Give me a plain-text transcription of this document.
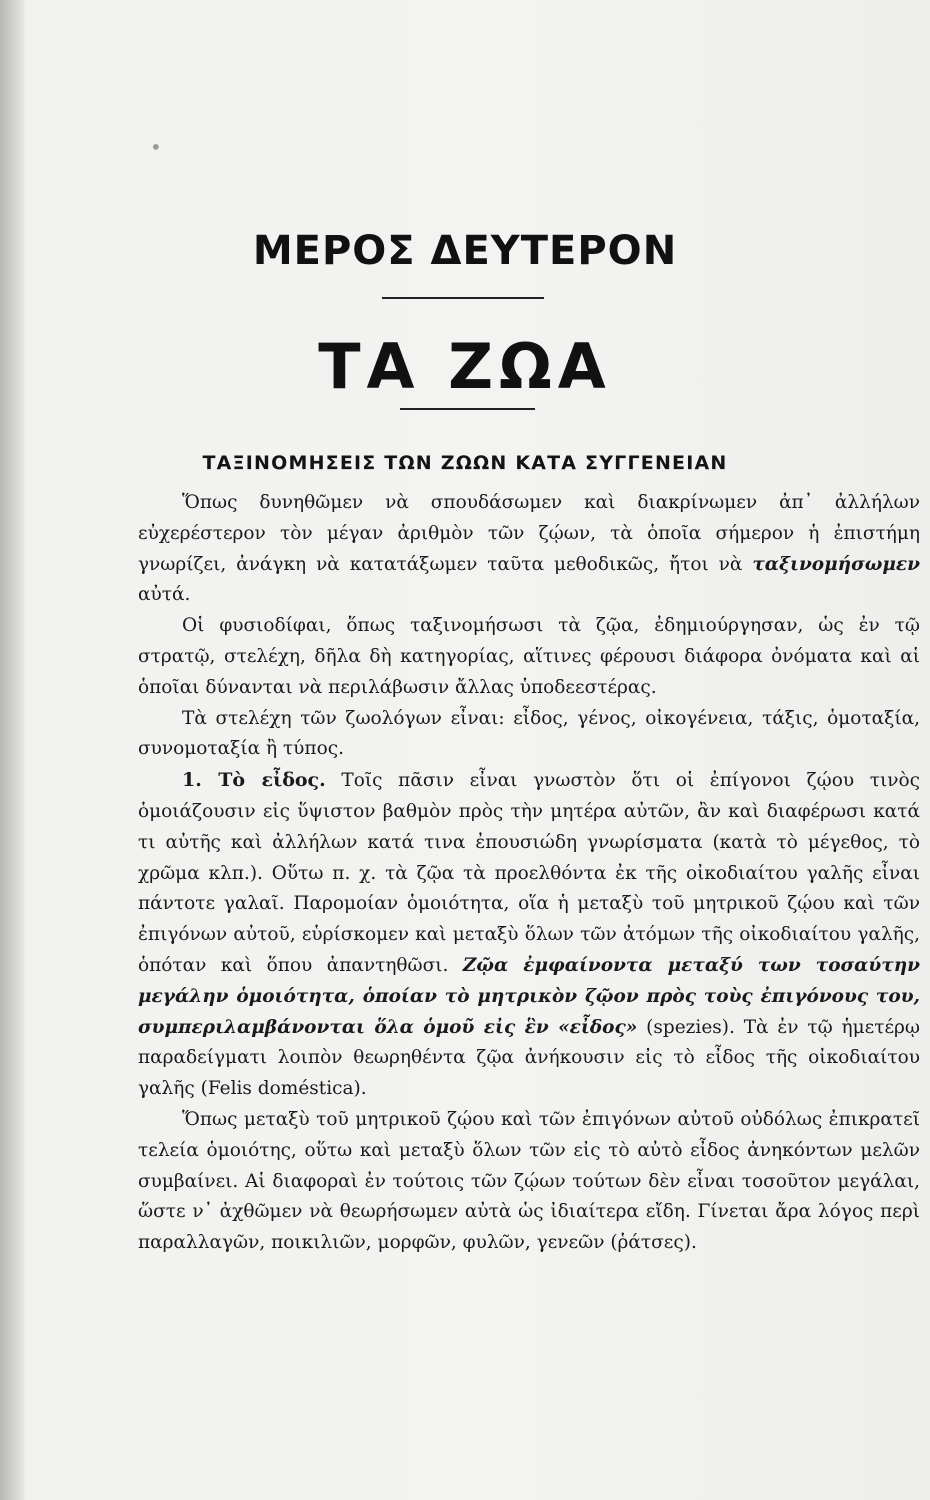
•
ΜΕΡΟΣ ΔΕΥΤΕΡΟΝ
ΤΑ ΖΩΑ
ΤΑΞΙΝΟΜΗΣΕΙΣ ΤΩΝ ΖΩΩΝ ΚΑΤΑ ΣΥΓΓΕΝΕΙΑΝ

Ὅπως δυνηθῶμεν νὰ σπουδάσωμεν καὶ διακρίνωμεν ἀπ᾽ ἀλλήλων εὐχερέστερον τὸν μέγαν ἀριθμὸν τῶν ζῴων, τὰ ὁποῖα σήμερον ἡ ἐπιστήμη γνωρίζει, ἀνάγκη νὰ κατατάξωμεν ταῦτα μεθοδικῶς, ἤτοι νὰ ταξινομήσωμεν αὐτά.

Οἱ φυσιοδίφαι, ὅπως ταξινομήσωσι τὰ ζῷα, ἐδημιούργησαν, ὡς ἐν τῷ στρατῷ, στελέχη, δῆλα δὴ κατηγορίας, αἵτινες φέρουσι διάφορα ὀνόματα καὶ αἱ ὁποῖαι δύνανται νὰ περιλάβωσιν ἄλλας ὑποδεεστέρας.

Τὰ στελέχη τῶν ζωολόγων εἶναι: εἶδος, γένος, οἰκογένεια, τάξις, ὁμοταξία, συνομοταξία ἢ τύπος.

1. Τὸ εἶδος. Τοῖς πᾶσιν εἶναι γνωστὸν ὅτι οἱ ἐπίγονοι ζῴου τινὸς ὁμοιάζουσιν εἰς ὕψιστον βαθμὸν πρὸς τὴν μητέρα αὐτῶν, ἂν καὶ διαφέρωσι κατά τι αὐτῆς καὶ ἀλλήλων κατά τινα ἐπουσιώδη γνωρίσματα (κατὰ τὸ μέγεθος, τὸ χρῶμα κλπ.). Οὕτω π. χ. τὰ ζῷα τὰ προελθόντα ἐκ τῆς οἰκοδιαίτου γαλῆς εἶναι πάντοτε γαλαῖ. Παρομοίαν ὁμοιότητα, οἵα ἡ μεταξὺ τοῦ μητρικοῦ ζῴου καὶ τῶν ἐπιγόνων αὐτοῦ, εὑρίσκομεν καὶ μεταξὺ ὅλων τῶν ἀτόμων τῆς οἰκοδιαίτου γαλῆς, ὁπόταν καὶ ὅπου ἀπαντηθῶσι. Ζῷα ἐμφαίνοντα μεταξύ των τοσαύτην μεγάλην ὁμοιότητα, ὁποίαν τὸ μητρικὸν ζῷον πρὸς τοὺς ἐπιγόνους του, συμπεριλαμβάνονται ὅλα ὁμοῦ εἰς ἓν «εἶδος» (spezies). Τὰ ἐν τῷ ἡμετέρῳ παραδείγματι λοιπὸν θεωρηθέντα ζῷα ἀνήκουσιν εἰς τὸ εἶδος τῆς οἰκοδιαίτου γαλῆς (Felis doméstica).

Ὅπως μεταξὺ τοῦ μητρικοῦ ζῴου καὶ τῶν ἐπιγόνων αὐτοῦ οὐδόλως ἐπικρατεῖ τελεία ὁμοιότης, οὕτω καὶ μεταξὺ ὅλων τῶν εἰς τὸ αὐτὸ εἶδος ἀνηκόντων μελῶν συμβαίνει. Αἱ διαφοραὶ ἐν τούτοις τῶν ζῴων τούτων δὲν εἶναι τοσοῦτον μεγάλαι, ὥστε ν᾽ ἀχθῶμεν νὰ θεωρήσωμεν αὐτὰ ὡς ἰδιαίτερα εἴδη. Γίνεται ἄρα λόγος περὶ παραλλαγῶν, ποικιλιῶν, μορφῶν, φυλῶν, γενεῶν (ῥάτσες).
